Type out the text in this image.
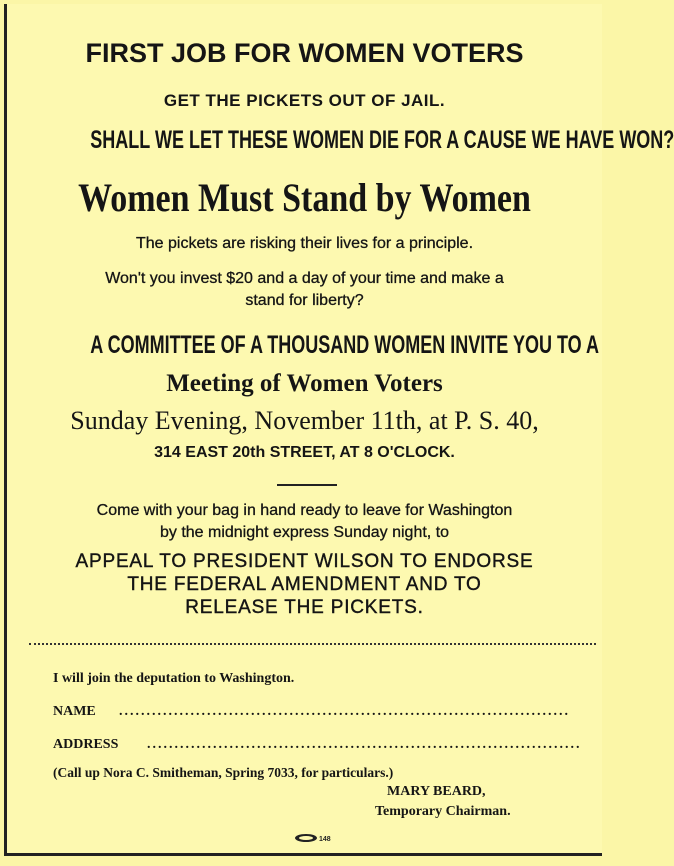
FIRST JOB FOR WOMEN VOTERS
GET THE PICKETS OUT OF JAIL.
SHALL WE LET THESE WOMEN DIE FOR A CAUSE WE HAVE WON?
Women Must Stand by Women
The pickets are risking their lives for a principle.
Won't you invest $20 and a day of your time and make a
stand for liberty?
A COMMITTEE OF A THOUSAND WOMEN INVITE YOU TO A
Meeting of Women Voters
Sunday Evening, November 11th, at P. S. 40,
314 EAST 20th STREET, AT 8 O'CLOCK.
Come with your bag in hand ready to leave for Washington
by the midnight express Sunday night, to
APPEAL TO PRESIDENT WILSON TO ENDORSE
THE FEDERAL AMENDMENT AND TO
RELEASE THE PICKETS.
I will join the deputation to Washington.
NAME ..................................................................................
ADDRESS ...............................................................................
(Call up Nora C. Smitheman, Spring 7033, for particulars.)
MARY BEARD,
Temporary Chairman.
148
